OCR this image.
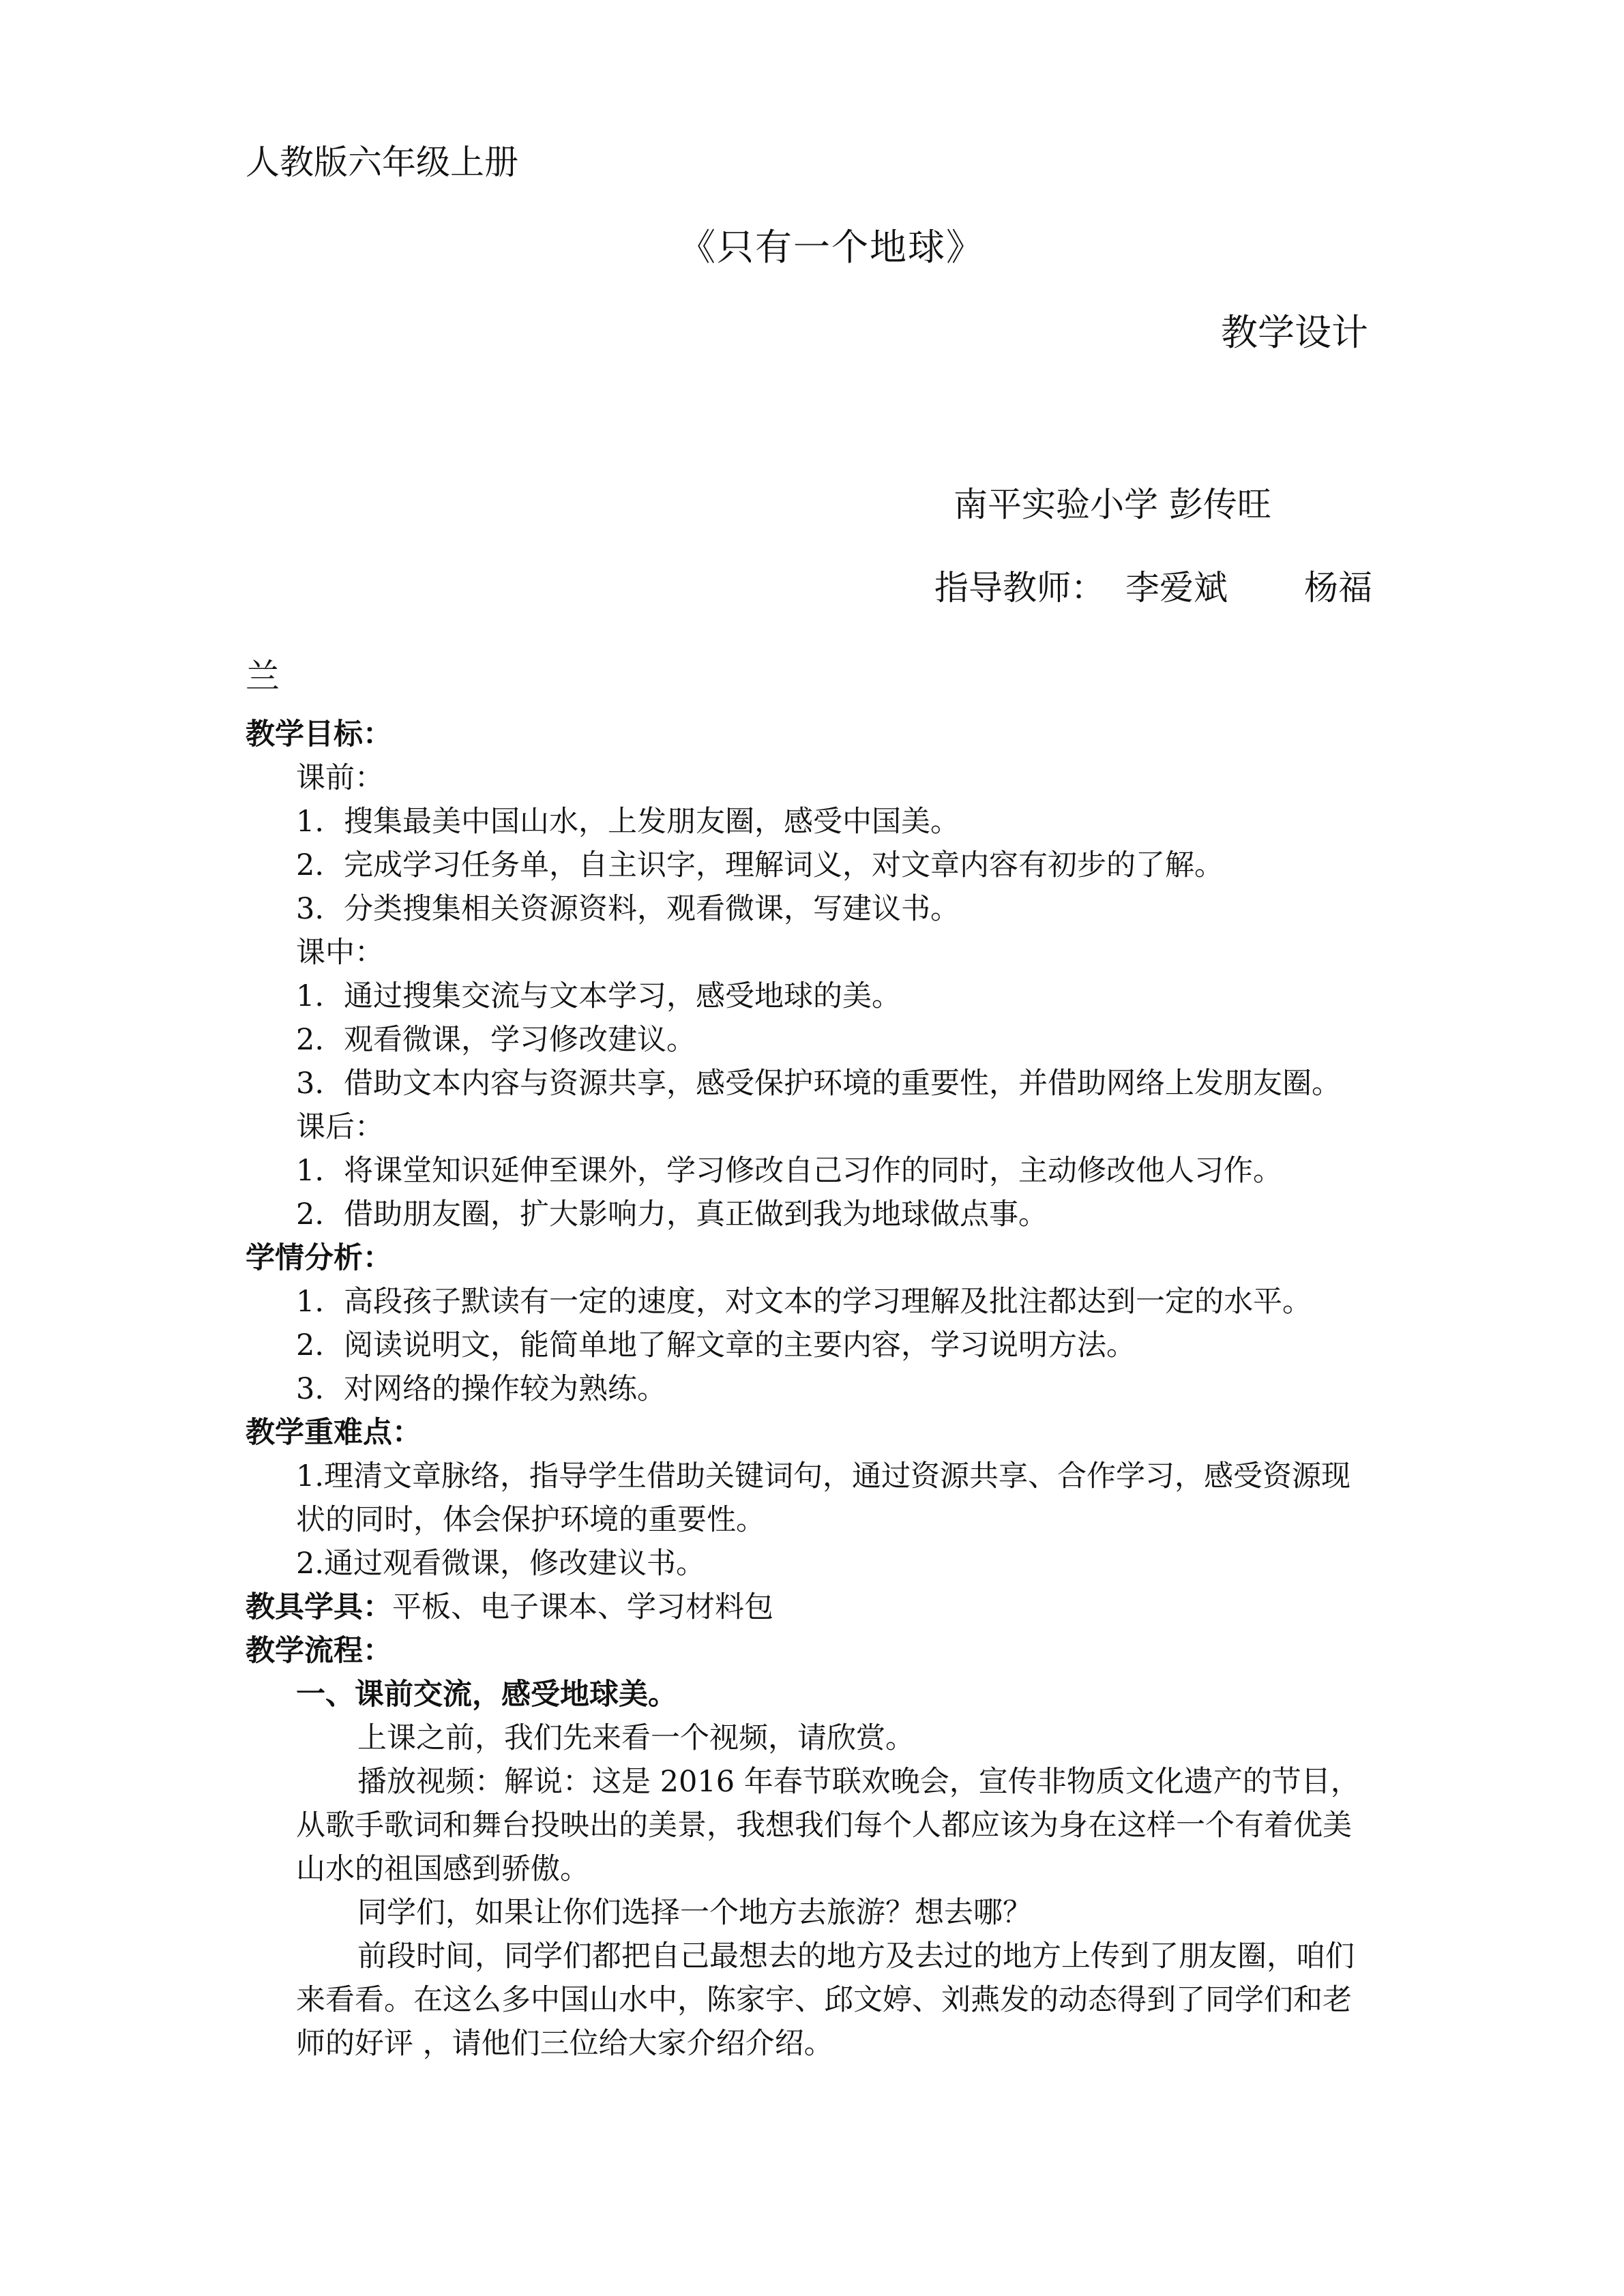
人教版六年级上册
《只有一个地球》
教学设计
南平实验小学 彭传旺
指导教师： 李爱斌 杨福
兰
教学目标：
课前：
1. 搜集最美中国山水，上发朋友圈，感受中国美。
2. 完成学习任务单，自主识字，理解词义，对文章内容有初步的了解。
3. 分类搜集相关资源资料，观看微课，写建议书。
课中：
1. 通过搜集交流与文本学习，感受地球的美。
2. 观看微课，学习修改建议。
3. 借助文本内容与资源共享，感受保护环境的重要性，并借助网络上发朋友圈。
课后：
1. 将课堂知识延伸至课外，学习修改自己习作的同时，主动修改他人习作。
2. 借助朋友圈，扩大影响力，真正做到我为地球做点事。
学情分析：
1. 高段孩子默读有一定的速度，对文本的学习理解及批注都达到一定的水平。
2. 阅读说明文，能简单地了解文章的主要内容，学习说明方法。
3. 对网络的操作较为熟练。
教学重难点：
1.理清文章脉络，指导学生借助关键词句，通过资源共享、合作学习，感受资源现状的同时，体会保护环境的重要性。
2.通过观看微课，修改建议书。
教具学具：平板、电子课本、学习材料包
教学流程：
一、课前交流，感受地球美。
上课之前，我们先来看一个视频，请欣赏。
播放视频：解说：这是 2016 年春节联欢晚会，宣传非物质文化遗产的节目，从歌手歌词和舞台投映出的美景，我想我们每个人都应该为身在这样一个有着优美山水的祖国感到骄傲。
同学们，如果让你们选择一个地方去旅游？想去哪？
前段时间，同学们都把自己最想去的地方及去过的地方上传到了朋友圈，咱们来看看。在这么多中国山水中，陈家宇、邱文婷、刘燕发的动态得到了同学们和老师的好评 ，请他们三位给大家介绍介绍。
